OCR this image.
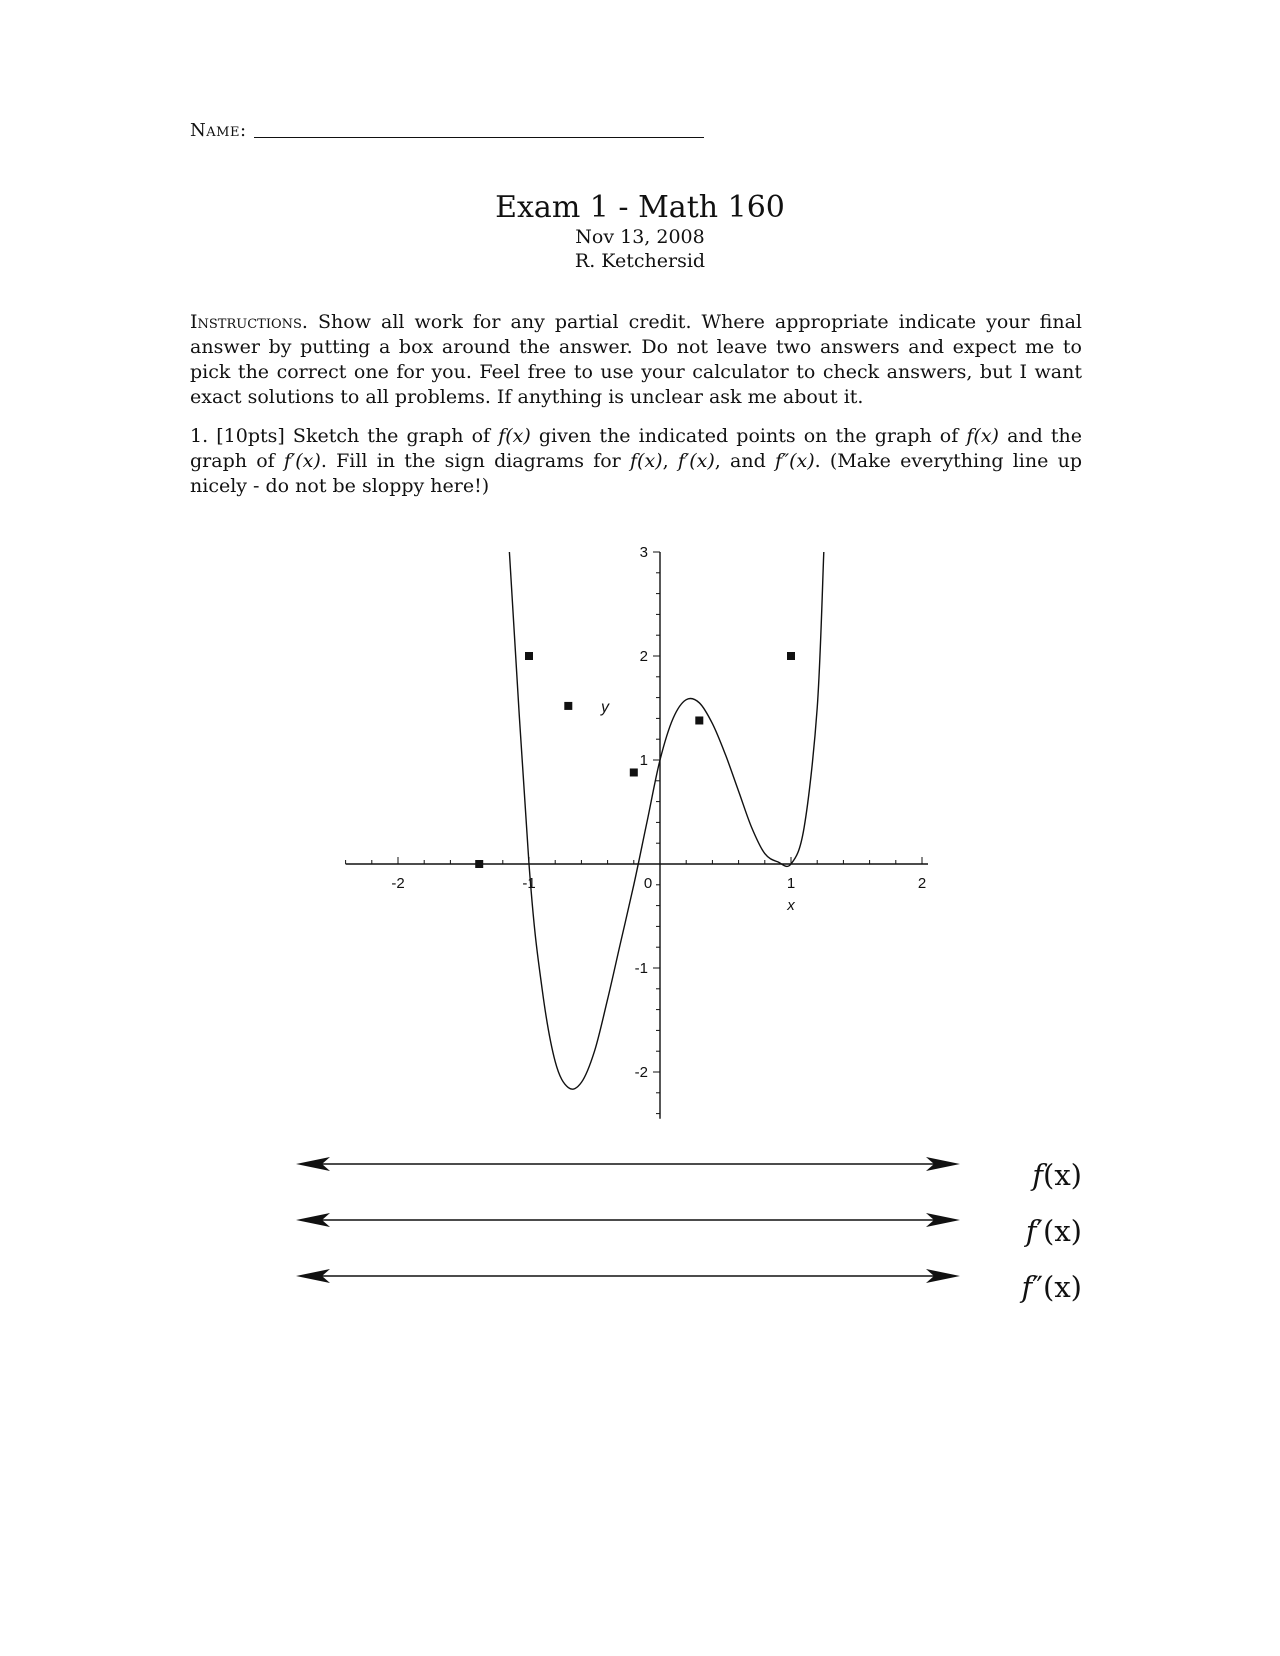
Name:
Exam 1 - Math 160
Nov 13, 2008
R. Ketchersid
Instructions. Show all work for any partial credit. Where appropriate indicate your final answer by putting a box around the answer. Do not leave two answers and expect me to pick the correct one for you. Feel free to use your calculator to check answers, but I want exact solutions to all problems. If anything is unclear ask me about it.
1. [10pts] Sketch the graph of f(x) given the indicated points on the graph of f(x) and the graph of f′(x). Fill in the sign diagrams for f(x), f′(x), and f″(x). (Make everything line up nicely - do not be sloppy here!)
-2	-1	0	1	2
3
2
1
-1
-2
x
y
f(x)
f′(x)
f″(x)
